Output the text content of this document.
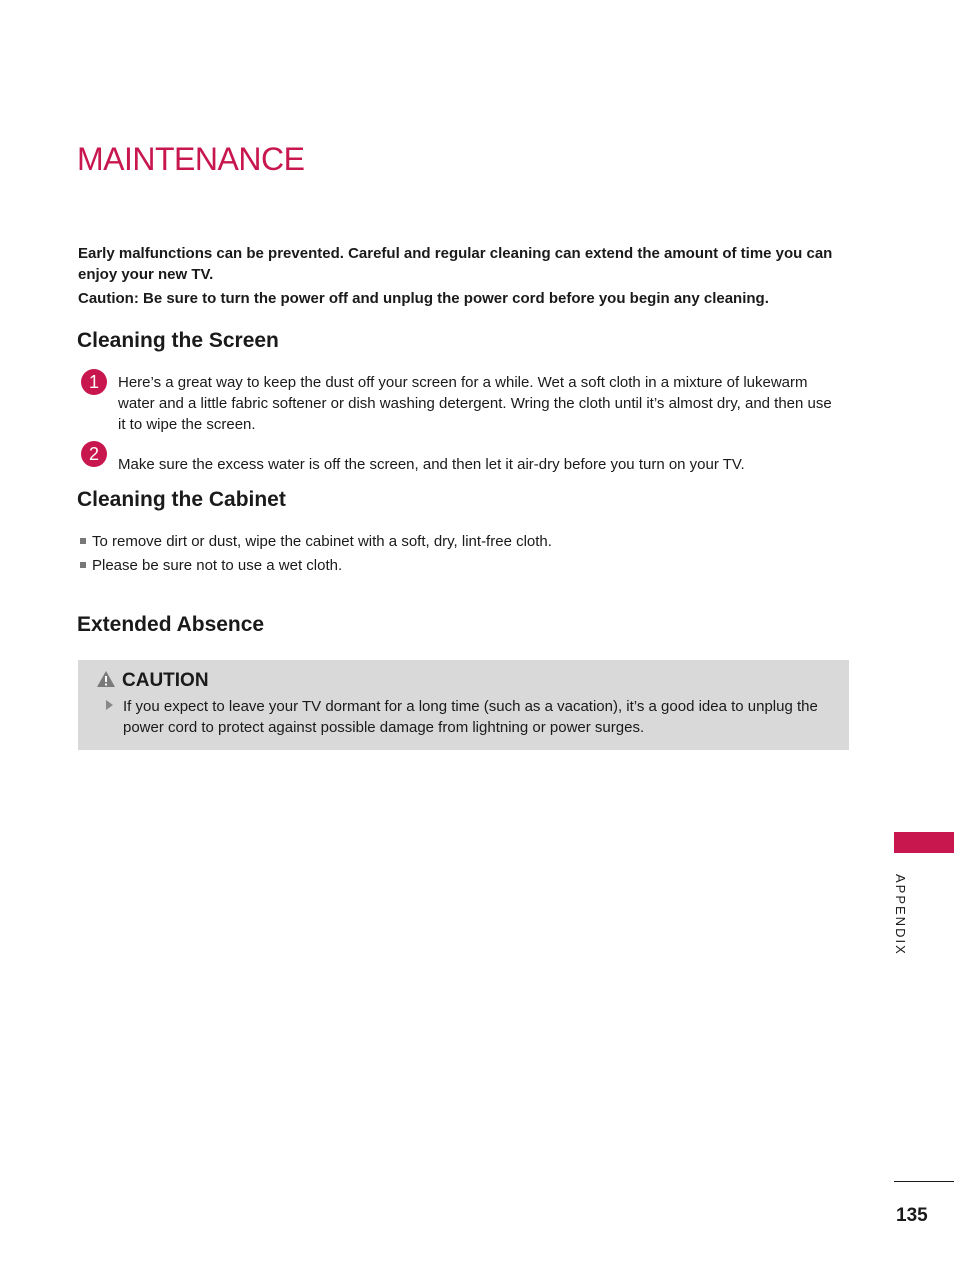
MAINTENANCE

Early malfunctions can be prevented. Careful and regular cleaning can extend the amount of time you can enjoy your new TV.

Caution: Be sure to turn the power off and unplug the power cord before you begin any cleaning.

Cleaning the Screen
1	Here’s a great way to keep the dust off your screen for a while. Wet a soft cloth in a mixture of lukewarm water and a little fabric softener or dish washing detergent. Wring the cloth until it’s almost dry, and then use it to wipe the screen.

2

Make sure the excess water is off the screen, and then let it air-dry before you turn on your TV.

Cleaning the Cabinet

To remove dirt or dust, wipe the cabinet with a soft, dry, lint-free cloth.

Please be sure not to use a wet cloth.

Extended Absence
CAUTION
If you expect to leave your TV dormant for a long time (such as a vacation), it’s a good idea to unplug the power cord to protect against possible damage from lightning or power surges.
APPENDIX
135
